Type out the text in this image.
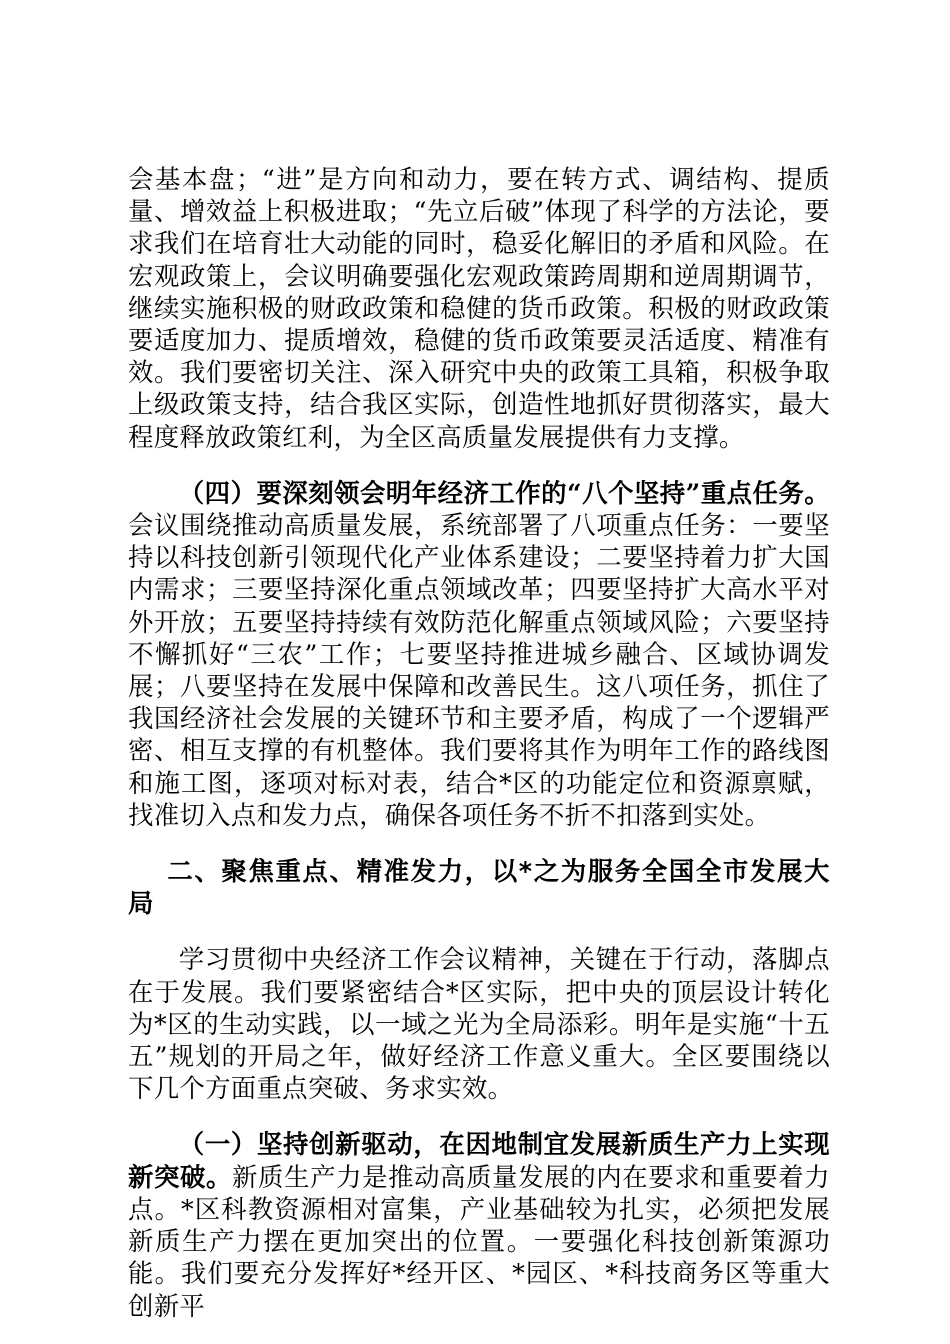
会基本盘；“进”是方向和动力，要在转方式、调结构、提质量、增效益上积极进取；“先立后破”体现了科学的方法论，要求我们在培育壮大动能的同时，稳妥化解旧的矛盾和风险。在宏观政策上，会议明确要强化宏观政策跨周期和逆周期调节，继续实施积极的财政政策和稳健的货币政策。积极的财政政策要适度加力、提质增效，稳健的货币政策要灵活适度、精准有效。我们要密切关注、深入研究中央的政策工具箱，积极争取上级政策支持，结合我区实际，创造性地抓好贯彻落实，最大程度释放政策红利，为全区高质量发展提供有力支撑。

（四）要深刻领会明年经济工作的“八个坚持”重点任务。会议围绕推动高质量发展，系统部署了八项重点任务：一要坚持以科技创新引领现代化产业体系建设；二要坚持着力扩大国内需求；三要坚持深化重点领域改革；四要坚持扩大高水平对外开放；五要坚持持续有效防范化解重点领域风险；六要坚持不懈抓好“三农”工作；七要坚持推进城乡融合、区域协调发展；八要坚持在发展中保障和改善民生。这八项任务，抓住了我国经济社会发展的关键环节和主要矛盾，构成了一个逻辑严密、相互支撑的有机整体。我们要将其作为明年工作的路线图和施工图，逐项对标对表，结合*区的功能定位和资源禀赋，找准切入点和发力点，确保各项任务不折不扣落到实处。

二、聚焦重点、精准发力，以*之为服务全国全市发展大局

学习贯彻中央经济工作会议精神，关键在于行动，落脚点在于发展。我们要紧密结合*区实际，把中央的顶层设计转化为*区的生动实践，以一域之光为全局添彩。明年是实施“十五五”规划的开局之年，做好经济工作意义重大。全区要围绕以下几个方面重点突破、务求实效。

（一）坚持创新驱动，在因地制宜发展新质生产力上实现新突破。新质生产力是推动高质量发展的内在要求和重要着力点。*区科教资源相对富集，产业基础较为扎实，必须把发展新质生产力摆在更加突出的位置。一要强化科技创新策源功能。我们要充分发挥好*经开区、*园区、*科技商务区等重大创新平
